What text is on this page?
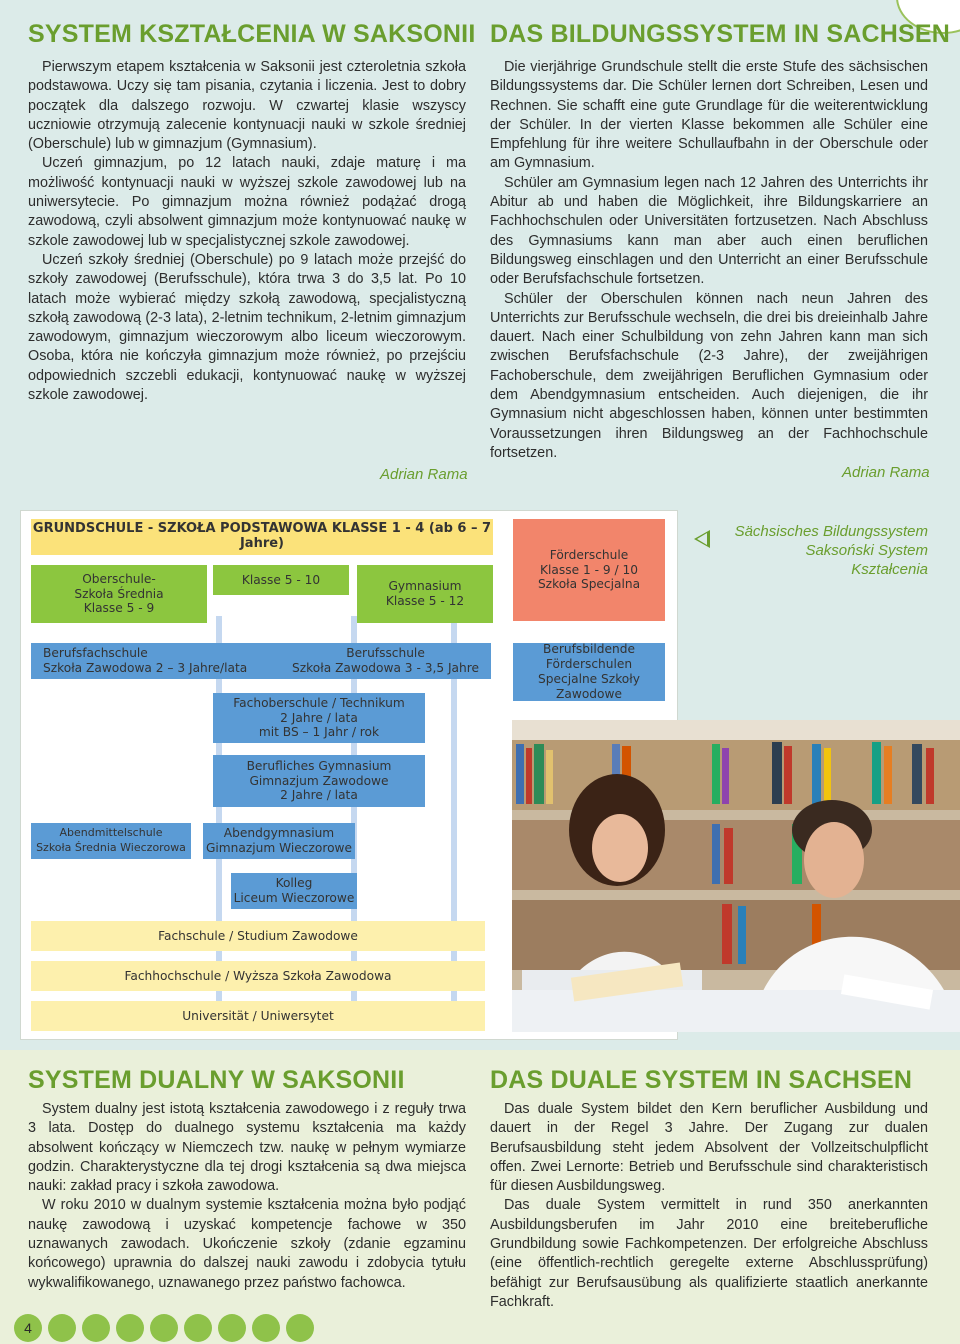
SYSTEM KSZTAŁCENIA W SAKSONII DAS BILDUNGSSYSTEM IN SACHSEN

Pierwszym etapem kształcenia w Saksonii jest czteroletnia szkoła podstawowa. Uczy się tam pisania, czytania i liczenia. Jest to dobry początek dla dalszego rozwoju. W czwartej klasie wszyscy uczniowie otrzymują zalecenie kontynuacji nauki w szkole średniej (Oberschule) lub w gimnazjum (Gymnasium).

Uczeń gimnazjum, po 12 latach nauki, zdaje maturę i ma możliwość kontynuacji nauki w wyższej szkole zawodowej lub na uniwersytecie. Po gimnazjum można również podążać drogą zawodową, czyli absolwent gimnazjum może kontynuować naukę w szkole zawodowej lub w specjalistycznej szkole zawodowej.

Uczeń szkoły średniej (Oberschule) po 9 latach może przejść do szkoły zawodowej (Berufsschule), która trwa 3 do 3,5 lat. Po 10 latach może wybierać między szkołą zawodową, specjalistyczną szkołą zawodową (2-3 lata), 2-letnim technikum, 2-letnim gimnazjum zawodowym, gimnazjum wieczorowym albo liceum wieczorowym. Osoba, która nie kończyła gimnazjum może również, po przejściu odpowiednich szczebli edukacji, kontynuować naukę w wyższej szkole zawodowej.

Adrian Rama

Die vierjährige Grundschule stellt die erste Stufe des sächsischen Bildungssystems dar. Die Schüler lernen dort Schreiben, Lesen und Rechnen. Sie schafft eine gute Grundlage für die weiterentwicklung der Schüler. In der vierten Klasse bekommen alle Schüler eine Empfehlung für ihre weitere Schullaufbahn in der Oberschule oder am Gymnasium.

Schüler am Gymnasium legen nach 12 Jahren des Unterrichts ihr Abitur ab und haben die Möglichkeit, ihre Bildungskarriere an Fachhochschulen oder Universitäten fortzusetzen. Nach Abschluss des Gymnasiums kann man aber auch einen beruflichen Bildungsweg einschlagen und den Unterricht an einer Berufsschule oder Berufsfachschule fortsetzen.

Schüler der Oberschulen können nach neun Jahren des Unterrichts zur Berufsschule wechseln, die drei bis dreieinhalb Jahre dauert. Nach einer Schulbildung von zehn Jahren kann man sich zwischen Berufsfachschule (2-3 Jahre), der zweijährigen Fachoberschule, dem zweijährigen Beruflichen Gymnasium oder dem Abendgymnasium entscheiden. Auch diejenigen, die ihr Gymnasium nicht abgeschlossen haben, können unter bestimmten Voraussetzungen ihren Bildungsweg an der Fachhochschule fortsetzen.

Adrian Rama
GRUNDSCHULE - SZKOŁA PODSTAWOWA KLASSE 1 - 4 (ab 6 – 7 Jahre)
Förderschule
Klasse 1 - 9 / 10
Szkoła Specjalna
Oberschule-
Szkoła Średnia
Klasse 5 - 9
Klasse 5 - 10	Gymnasium
Klasse 5 - 12
Berufsfachschule
Szkoła Zawodowa 2 – 3 Jahre/lata
Berufsschule
Szkoła Zawodowa 3 - 3,5 Jahre
Berufsbildende
Förderschulen
Specjalne Szkoły
Zawodowe
Fachoberschule / Technikum
2 Jahre / lata
mit BS – 1 Jahr / rok
Berufliches Gymnasium
Gimnazjum Zawodowe
2 Jahre / lata
Abendmittelschule
Szkoła Średnia Wieczorowa
Abendgymnasium
Gimnazjum Wieczorowe
Kolleg
Liceum Wieczorowe
Fachschule / Studium Zawodowe
Fachhochschule / Wyższa Szkoła Zawodowa
Universität / Uniwersytet
Sächsisches Bildungssystem
Saksoński System Kształcenia
SYSTEM DUALNY W SAKSONII	DAS DUALE SYSTEM IN SACHSEN

System dualny jest istotą kształcenia zawodowego i z reguły trwa 3 lata. Dostęp do dualnego systemu kształcenia ma każdy absolwent kończący w Niemczech tzw. naukę w pełnym wymiarze godzin. Charakterystyczne dla tej drogi kształcenia są dwa miejsca nauki: zakład pracy i szkoła zawodowa.

W roku 2010 w dualnym systemie kształcenia można było podjąć naukę zawodową i uzyskać kompetencje fachowe w 350 uznawanych zawodach. Ukończenie szkoły (zdanie egzaminu końcowego) uprawnia do dalszej nauki zawodu i zdobycia tytułu wykwalifikowanego, uznawanego przez państwo fachowca.

Das duale System bildet den Kern beruflicher Ausbildung und dauert in der Regel 3 Jahre. Der Zugang zur dualen Berufsausbildung steht jedem Absolvent der Vollzeitschulpflicht offen. Zwei Lernorte: Betrieb und Berufsschule sind charakteristisch für diesen Ausbildungsweg.

Das duale System vermittelt in rund 350 anerkannten Ausbildungsberufen im Jahr 2010 eine breiteberufliche Grundbildung sowie Fachkompetenzen. Der erfolgreiche Abschluss (eine öffentlich-rechtlich geregelte externe Abschlussprüfung) befähigt zur Berufsausübung als qualifizierte staatlich anerkannte Fachkraft.

4
